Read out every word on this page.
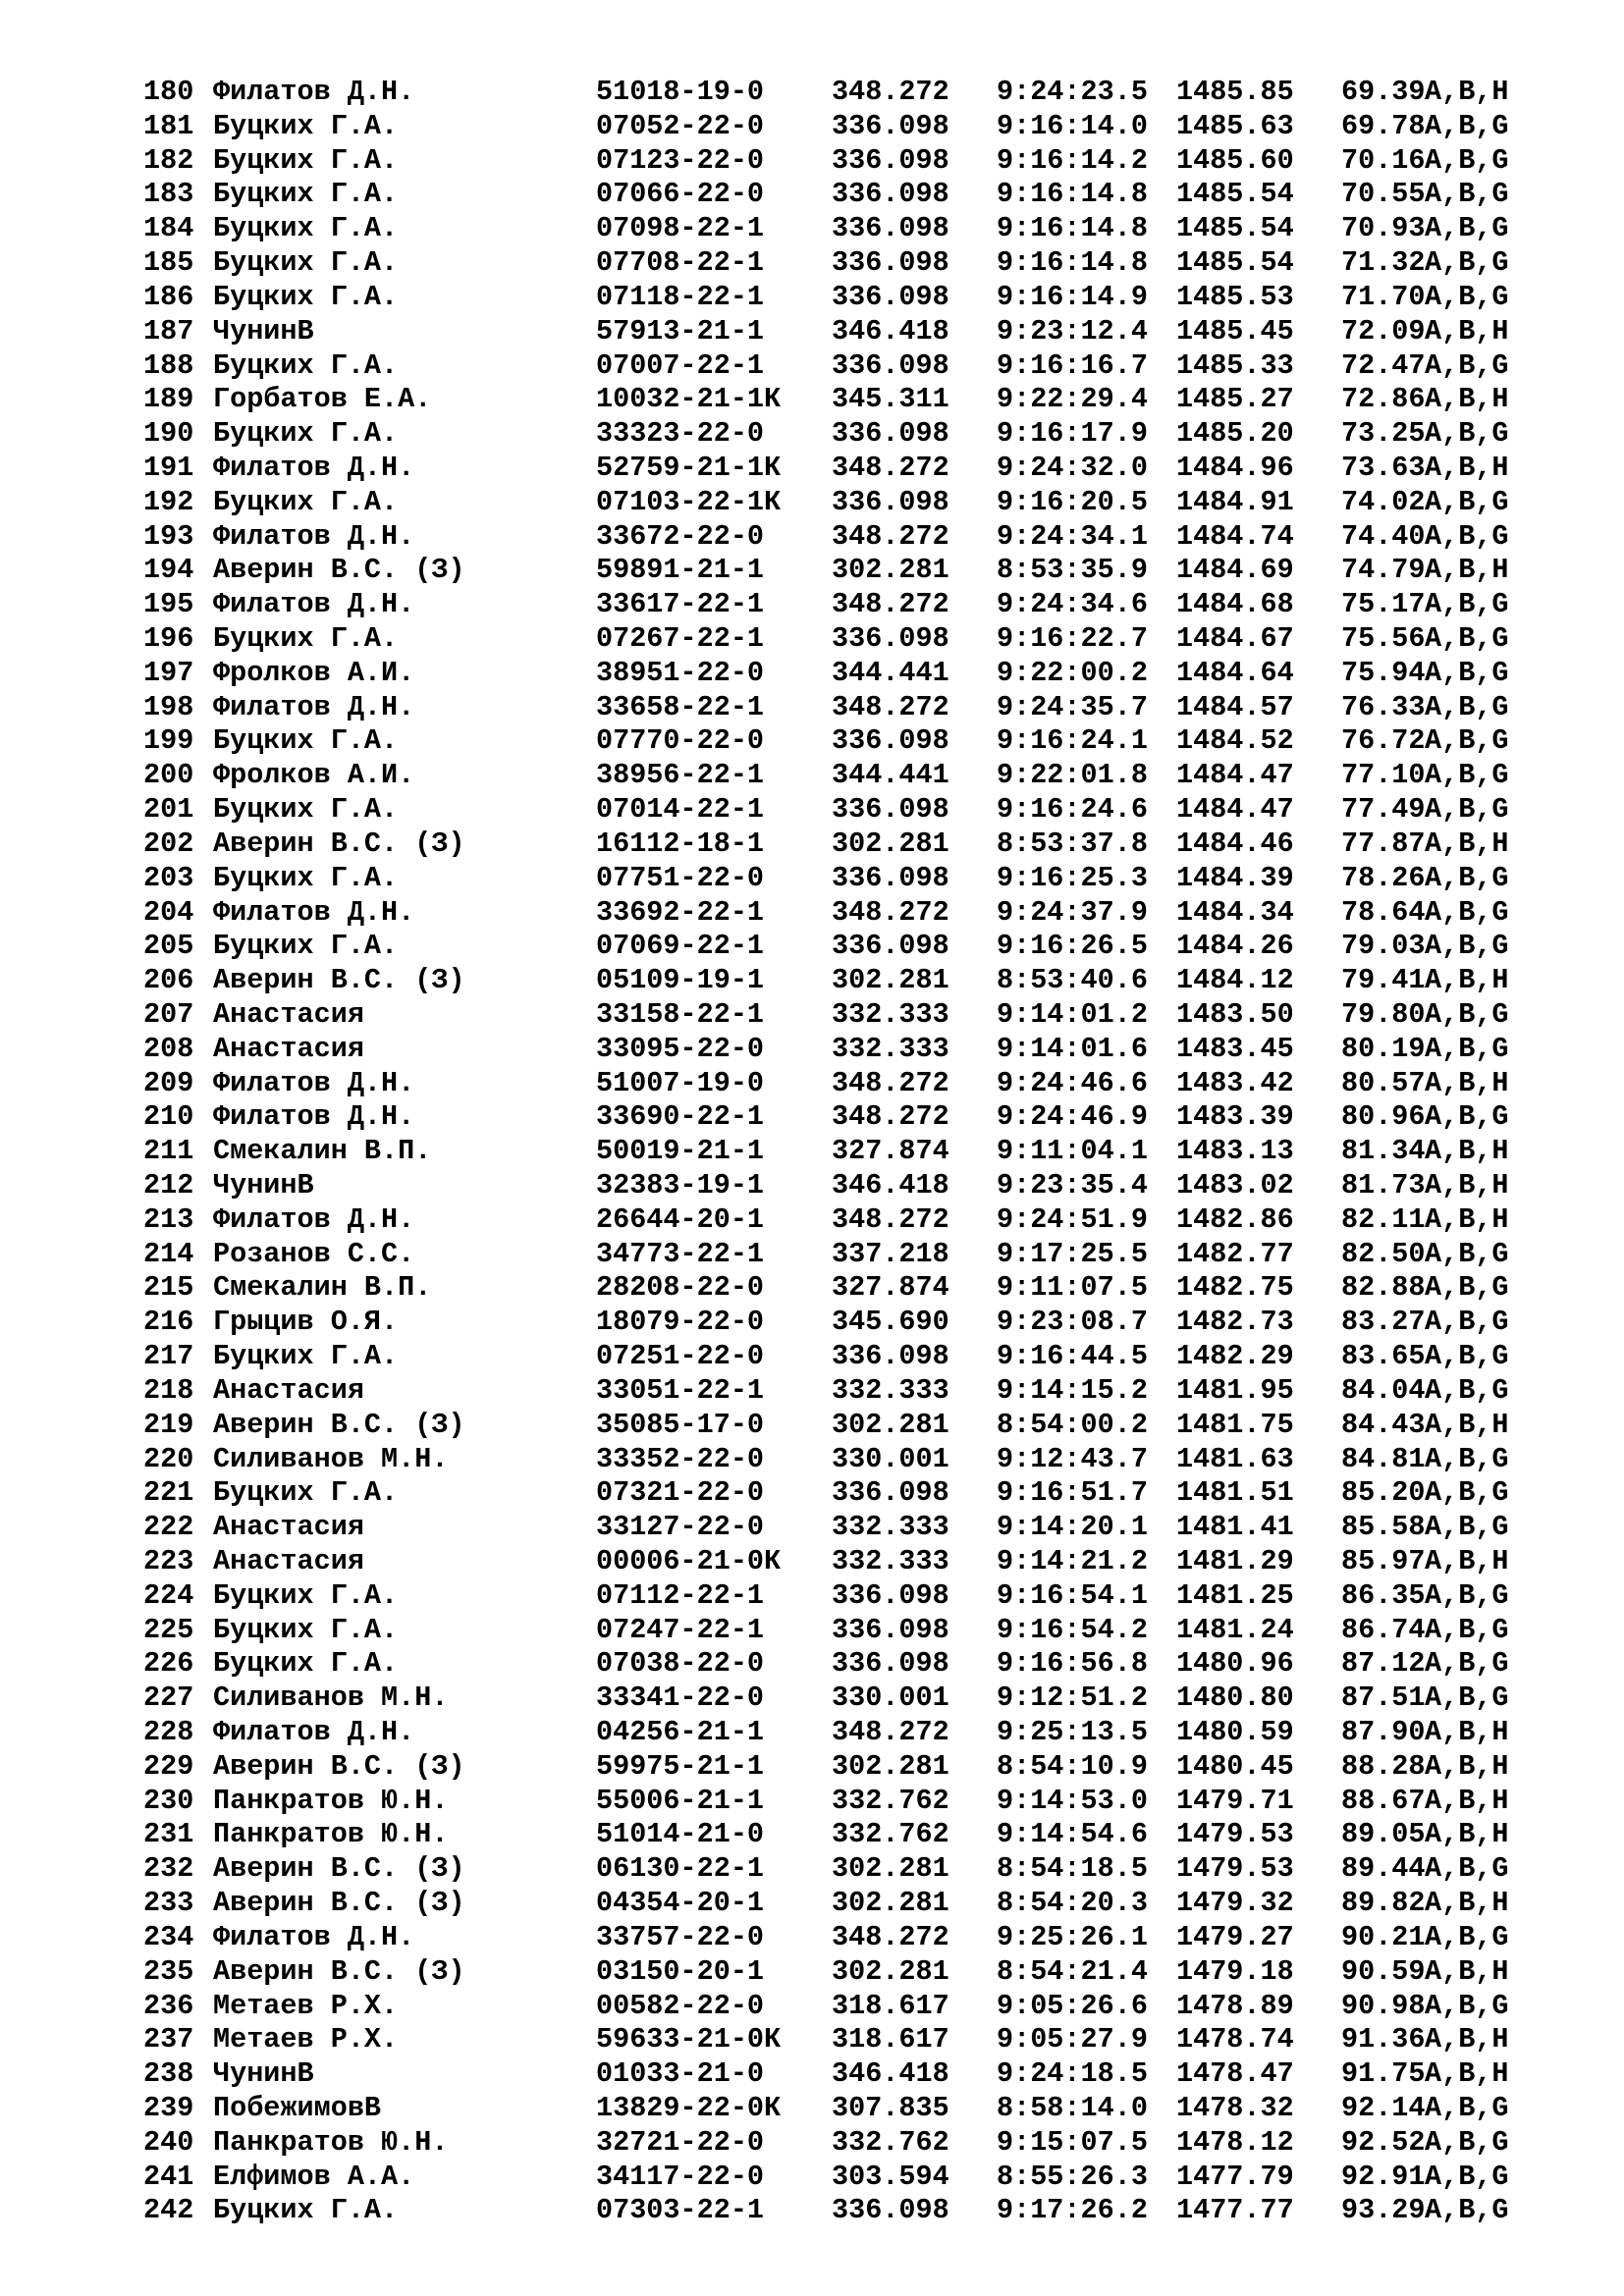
180 Филатов Д.Н.	51018-19-0 348.272 9:24:23.5 1485.85 69.39A,B,H
181 Буцких Г.А.	07052-22-0 336.098 9:16:14.0 1485.63 69.78A,B,G
182 Буцких Г.А.	07123-22-0 336.098 9:16:14.2 1485.60 70.16A,B,G
183 Буцких Г.А.	07066-22-0 336.098 9:16:14.8 1485.54 70.55A,B,G
184 Буцких Г.А.	07098-22-1 336.098 9:16:14.8 1485.54 70.93A,B,G
185 Буцких Г.А.	07708-22-1 336.098 9:16:14.8 1485.54 71.32A,B,G
186 Буцких Г.А.	07118-22-1 336.098 9:16:14.9 1485.53 71.70A,B,G
187 ЧунинВ	57913-21-1 346.418 9:23:12.4 1485.45 72.09A,B,H
188 Буцких Г.А.	07007-22-1 336.098 9:16:16.7 1485.33 72.47A,B,G
189 Горбатов Е.А.	10032-21-1К 345.311 9:22:29.4 1485.27 72.86A,B,H
190 Буцких Г.А.	33323-22-0 336.098 9:16:17.9 1485.20 73.25A,B,G
191 Филатов Д.Н.	52759-21-1К 348.272 9:24:32.0 1484.96 73.63A,B,H
192 Буцких Г.А.	07103-22-1К 336.098 9:16:20.5 1484.91 74.02A,B,G
193 Филатов Д.Н.	33672-22-0 348.272 9:24:34.1 1484.74 74.40A,B,G
194 Аверин В.С. (З)	59891-21-1 302.281 8:53:35.9 1484.69 74.79A,B,H
195 Филатов Д.Н.	33617-22-1 348.272 9:24:34.6 1484.68 75.17A,B,G
196 Буцких Г.А.	07267-22-1 336.098 9:16:22.7 1484.67 75.56A,B,G
197 Фролков А.И.	38951-22-0 344.441 9:22:00.2 1484.64 75.94A,B,G
198 Филатов Д.Н.	33658-22-1 348.272 9:24:35.7 1484.57 76.33A,B,G
199 Буцких Г.А.	07770-22-0 336.098 9:16:24.1 1484.52 76.72A,B,G
200 Фролков А.И.	38956-22-1 344.441 9:22:01.8 1484.47 77.10A,B,G
201 Буцких Г.А.	07014-22-1 336.098 9:16:24.6 1484.47 77.49A,B,G
202 Аверин В.С. (З)	16112-18-1 302.281 8:53:37.8 1484.46 77.87A,B,H
203 Буцких Г.А.	07751-22-0 336.098 9:16:25.3 1484.39 78.26A,B,G
204 Филатов Д.Н.	33692-22-1 348.272 9:24:37.9 1484.34 78.64A,B,G
205 Буцких Г.А.	07069-22-1 336.098 9:16:26.5 1484.26 79.03A,B,G
206 Аверин В.С. (З)	05109-19-1 302.281 8:53:40.6 1484.12 79.41A,B,H
207 Анастасия	33158-22-1 332.333 9:14:01.2 1483.50 79.80A,B,G
208 Анастасия	33095-22-0 332.333 9:14:01.6 1483.45 80.19A,B,G
209 Филатов Д.Н.	51007-19-0 348.272 9:24:46.6 1483.42 80.57A,B,H
210 Филатов Д.Н.	33690-22-1 348.272 9:24:46.9 1483.39 80.96A,B,G
211 Смекалин В.П.	50019-21-1 327.874 9:11:04.1 1483.13 81.34A,B,H
212 ЧунинВ	32383-19-1 346.418 9:23:35.4 1483.02 81.73A,B,H
213 Филатов Д.Н.	26644-20-1 348.272 9:24:51.9 1482.86 82.11A,B,H
214 Розанов С.С.	34773-22-1 337.218 9:17:25.5 1482.77 82.50A,B,G
215 Смекалин В.П.	28208-22-0 327.874 9:11:07.5 1482.75 82.88A,B,G
216 Грыцив О.Я.	18079-22-0 345.690 9:23:08.7 1482.73 83.27A,B,G
217 Буцких Г.А.	07251-22-0 336.098 9:16:44.5 1482.29 83.65A,B,G
218 Анастасия	33051-22-1 332.333 9:14:15.2 1481.95 84.04A,B,G
219 Аверин В.С. (З)	35085-17-0 302.281 8:54:00.2 1481.75 84.43A,B,H
220 Силиванов М.Н.	33352-22-0 330.001 9:12:43.7 1481.63 84.81A,B,G
221 Буцких Г.А.	07321-22-0 336.098 9:16:51.7 1481.51 85.20A,B,G
222 Анастасия	33127-22-0 332.333 9:14:20.1 1481.41 85.58A,B,G
223 Анастасия	00006-21-0К 332.333 9:14:21.2 1481.29 85.97A,B,H
224 Буцких Г.А.	07112-22-1 336.098 9:16:54.1 1481.25 86.35A,B,G
225 Буцких Г.А.	07247-22-1 336.098 9:16:54.2 1481.24 86.74A,B,G
226 Буцких Г.А.	07038-22-0 336.098 9:16:56.8 1480.96 87.12A,B,G
227 Силиванов М.Н.	33341-22-0 330.001 9:12:51.2 1480.80 87.51A,B,G
228 Филатов Д.Н.	04256-21-1 348.272 9:25:13.5 1480.59 87.90A,B,H
229 Аверин В.С. (З)	59975-21-1 302.281 8:54:10.9 1480.45 88.28A,B,H
230 Панкратов Ю.Н.	55006-21-1 332.762 9:14:53.0 1479.71 88.67A,B,H
231 Панкратов Ю.Н.	51014-21-0 332.762 9:14:54.6 1479.53 89.05A,B,H
232 Аверин В.С. (З)	06130-22-1 302.281 8:54:18.5 1479.53 89.44A,B,G
233 Аверин В.С. (З)	04354-20-1 302.281 8:54:20.3 1479.32 89.82A,B,H
234 Филатов Д.Н.	33757-22-0 348.272 9:25:26.1 1479.27 90.21A,B,G
235 Аверин В.С. (З)	03150-20-1 302.281 8:54:21.4 1479.18 90.59A,B,H
236 Метаев Р.Х.	00582-22-0 318.617 9:05:26.6 1478.89 90.98A,B,G
237 Метаев Р.Х.	59633-21-0К 318.617 9:05:27.9 1478.74 91.36A,B,H
238 ЧунинВ	01033-21-0 346.418 9:24:18.5 1478.47 91.75A,B,H
239 ПобежимовВ	13829-22-0К 307.835 8:58:14.0 1478.32 92.14A,B,G
240 Панкратов Ю.Н.	32721-22-0 332.762 9:15:07.5 1478.12 92.52A,B,G
241 Елфимов А.А.	34117-22-0 303.594 8:55:26.3 1477.79 92.91A,B,G
242 Буцких Г.А.	07303-22-1 336.098 9:17:26.2 1477.77 93.29A,B,G
